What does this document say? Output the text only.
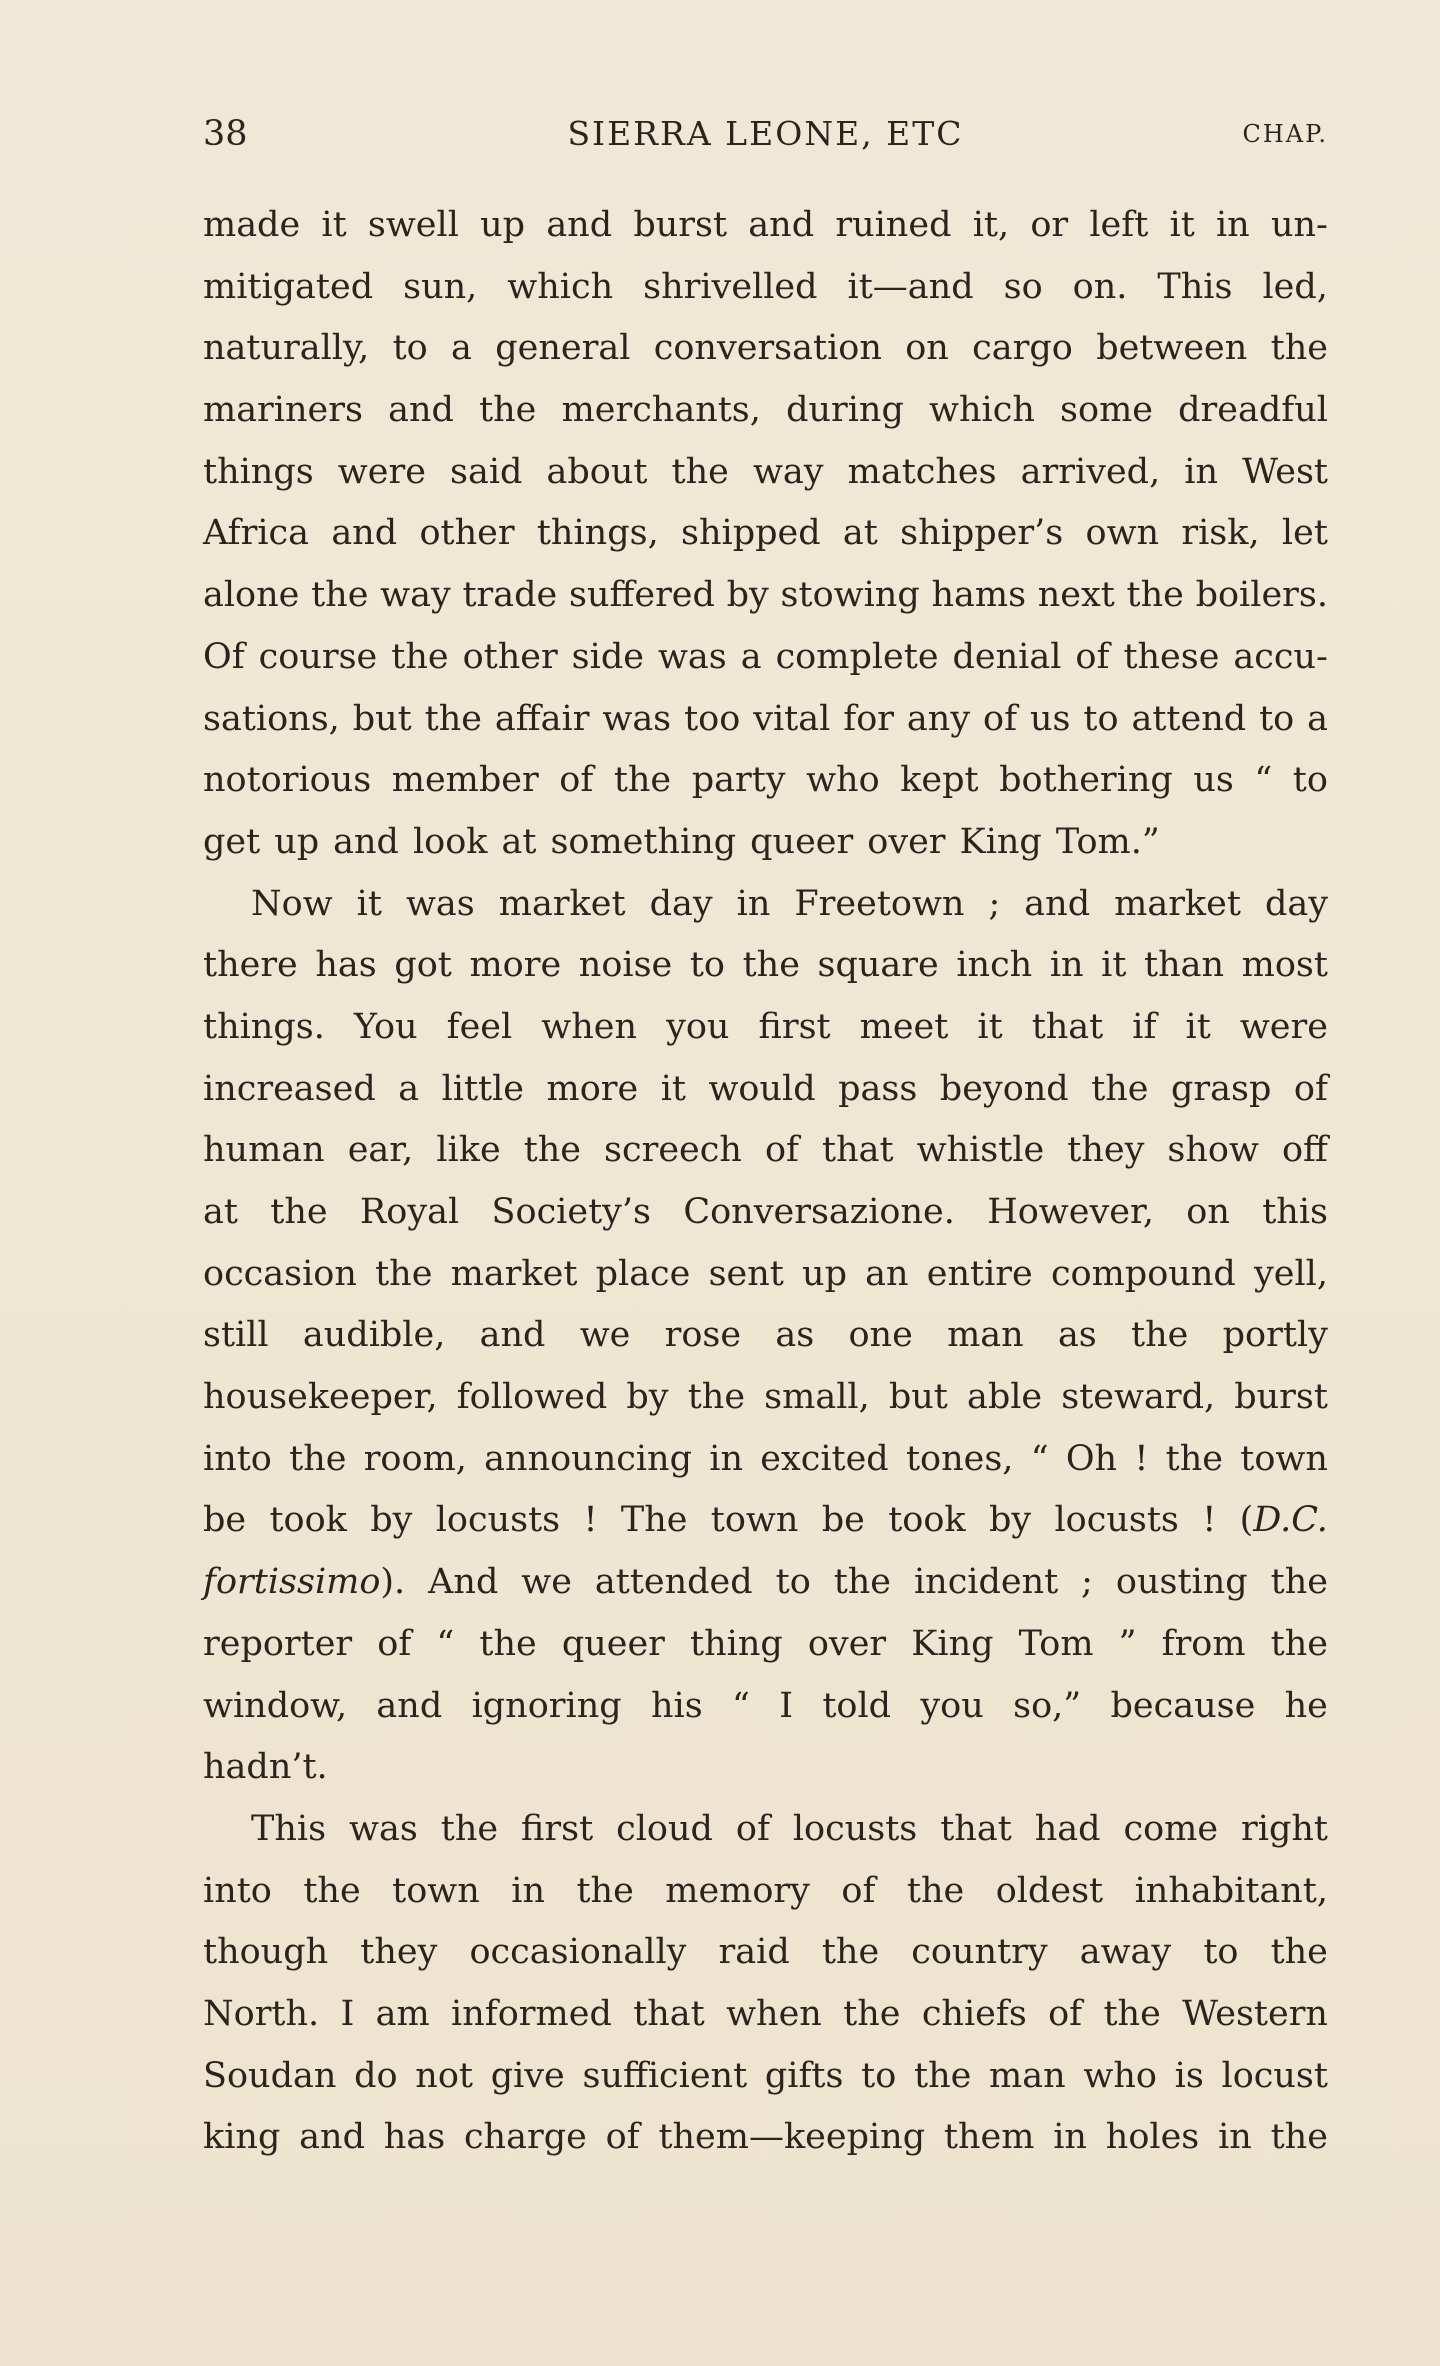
38	SIERRA LEONE, ETC	CHAP.
made it swell up and burst and ruined it, or left it in un-
mitigated sun, which shrivelled it—and so on. This led,
naturally, to a general conversation on cargo between the
mariners and the merchants, during which some dreadful
things were said about the way matches arrived, in West
Africa and other things, shipped at shipper’s own risk, let
alone the way trade suffered by stowing hams next the boilers.
Of course the other side was a complete denial of these accu-
sations, but the affair was too vital for any of us to attend to a
notorious member of the party who kept bothering us “ to
get up and look at something queer over King Tom.”
Now it was market day in Freetown ; and market day
there has got more noise to the square inch in it than most
things. You feel when you first meet it that if it were
increased a little more it would pass beyond the grasp of
human ear, like the screech of that whistle they show off
at the Royal Society’s Conversazione. However, on this
occasion the market place sent up an entire compound yell,
still audible, and we rose as one man as the portly
housekeeper, followed by the small, but able steward, burst
into the room, announcing in excited tones, “ Oh ! the town
be took by locusts ! The town be took by locusts ! (D.C.
fortissimo). And we attended to the incident ; ousting the
reporter of “ the queer thing over King Tom ” from the
window, and ignoring his “ I told you so,” because he
hadn’t.
This was the first cloud of locusts that had come right
into the town in the memory of the oldest inhabitant,
though they occasionally raid the country away to the
North. I am informed that when the chiefs of the Western
Soudan do not give sufficient gifts to the man who is locust
king and has charge of them—keeping them in holes in the
